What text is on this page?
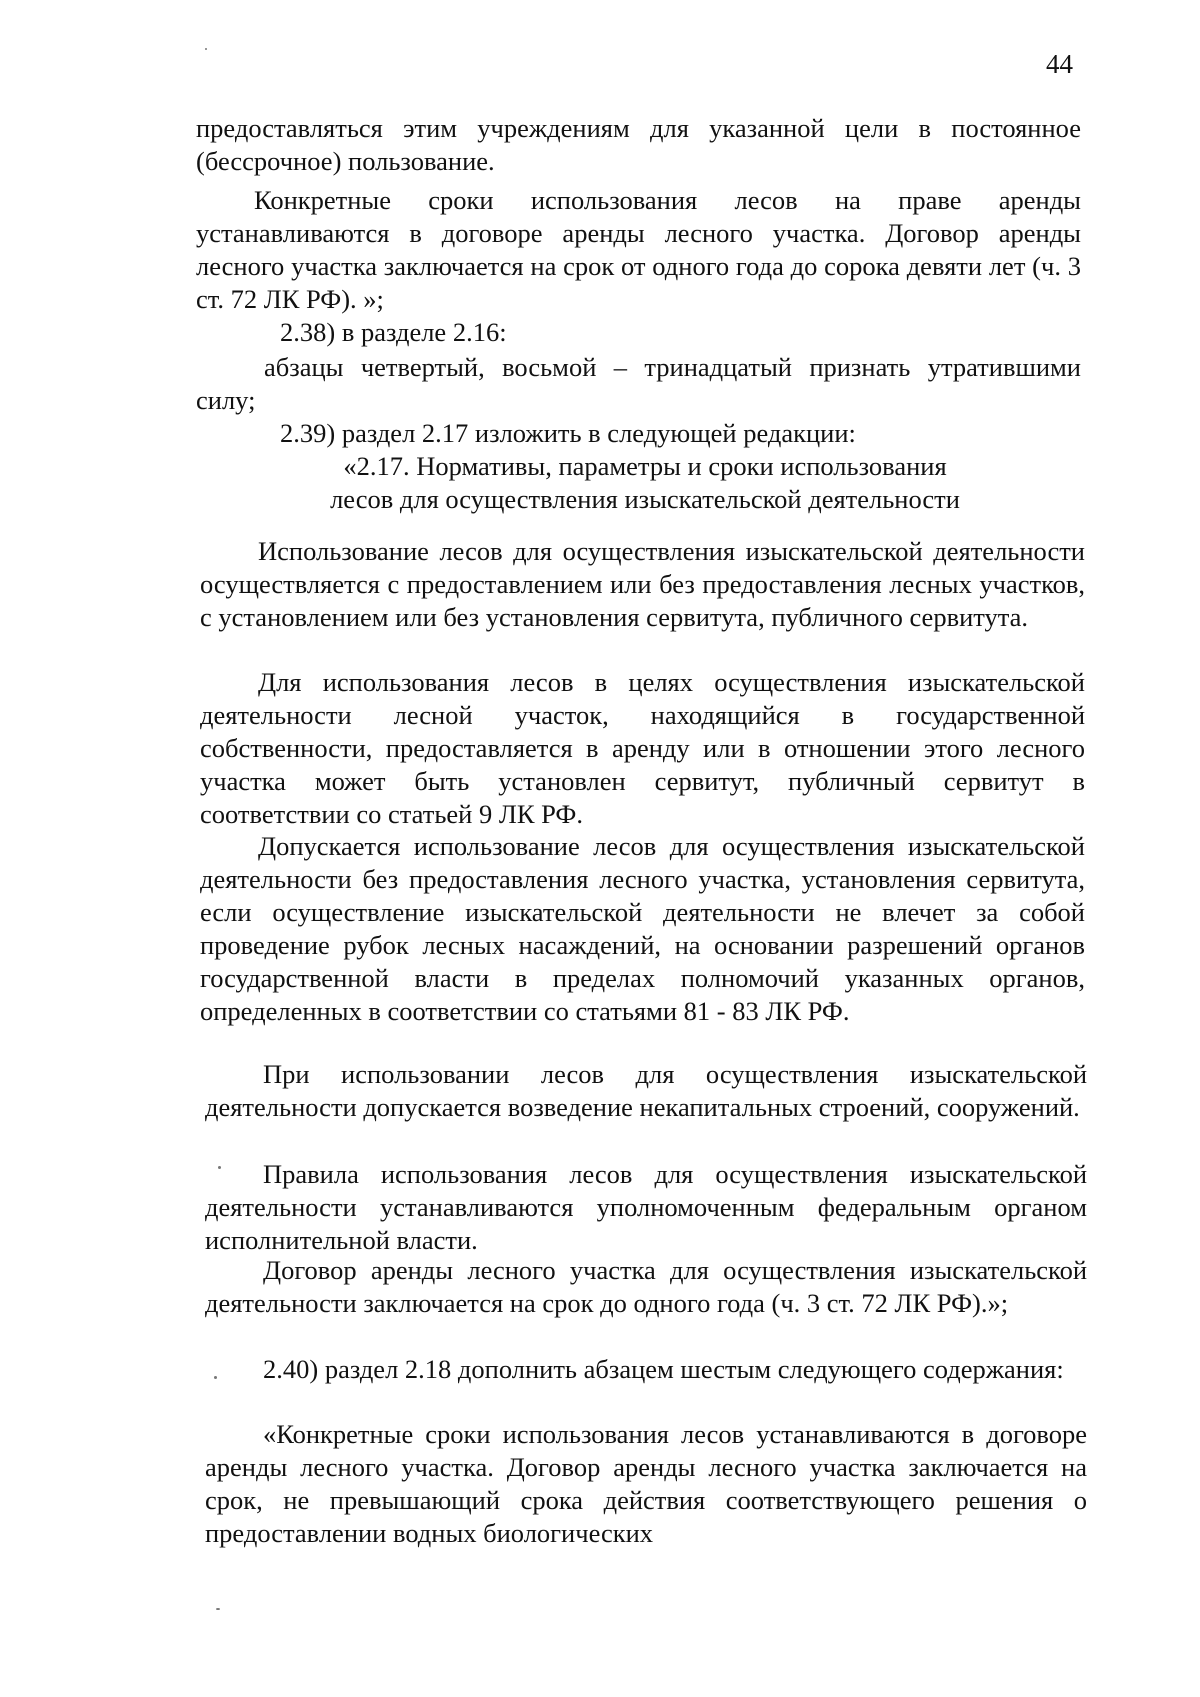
44

предоставляться этим учреждениям для указанной цели в постоянное (бессрочное) пользование.

Конкретные сроки использования лесов на праве аренды устанавливаются в договоре аренды лесного участка. Договор аренды лесного участка заключается на срок от одного года до сорока девяти лет (ч. 3 ст. 72 ЛК РФ). »;

2.38) в разделе 2.16:

абзацы четвертый, восьмой – тринадцатый признать утратившими силу;

2.39) раздел 2.17 изложить в следующей редакции:

«2.17. Нормативы, параметры и сроки использования
лесов для осуществления изыскательской деятельности

Использование лесов для осуществления изыскательской деятельности осуществляется с предоставлением или без предоставления лесных участков, с установлением или без установления сервитута, публичного сервитута.

Для использования лесов в целях осуществления изыскательской деятельности лесной участок, находящийся в государственной собственности, предоставляется в аренду или в отношении этого лесного участка может быть установлен сервитут, публичный сервитут в соответствии со статьей 9 ЛК РФ.

Допускается использование лесов для осуществления изыскательской деятельности без предоставления лесного участка, установления сервитута, если осуществление изыскательской деятельности не влечет за собой проведение рубок лесных насаждений, на основании разрешений органов государственной власти в пределах полномочий указанных органов, определенных в соответствии со статьями 81 - 83 ЛК РФ.

При использовании лесов для осуществления изыскательской деятельности допускается возведение некапитальных строений, сооружений.

Правила использования лесов для осуществления изыскательской деятельности устанавливаются уполномоченным федеральным органом исполнительной власти.

Договор аренды лесного участка для осуществления изыскательской деятельности заключается на срок до одного года (ч. 3 ст. 72 ЛК РФ).»;

2.40) раздел 2.18 дополнить абзацем шестым следующего содержания:

«Конкретные сроки использования лесов устанавливаются в договоре аренды лесного участка. Договор аренды лесного участка заключается на срок, не превышающий срока действия соответствующего решения о предоставлении водных биологических
